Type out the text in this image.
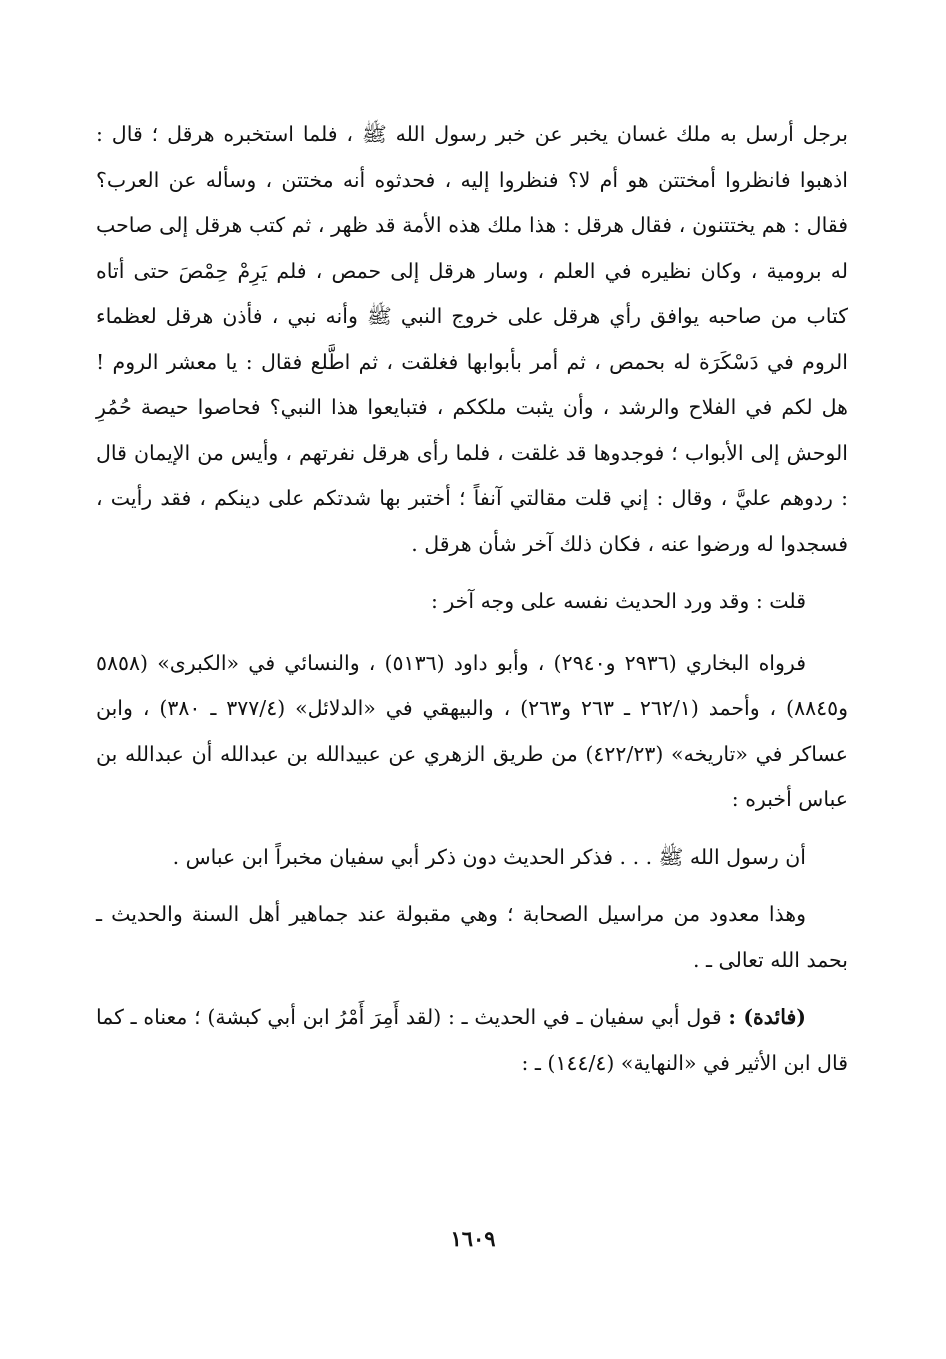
برجل أرسل به ملك غسان يخبر عن خبر رسول الله ﷺ ، فلما استخبره هرقل ؛ قال : اذهبوا فانظروا أمختتن هو أم لا؟ فنظروا إليه ، فحدثوه أنه مختتن ، وسأله عن العرب؟ فقال : هم يختتنون ، فقال هرقل : هذا ملك هذه الأمة قد ظهر ، ثم كتب هرقل إلى صاحب له برومية ، وكان نظيره في العلم ، وسار هرقل إلى حمص ، فلم يَرِمْ حِمْصَ حتى أتاه كتاب من صاحبه يوافق رأي هرقل على خروج النبي ﷺ وأنه نبي ، فأذن هرقل لعظماء الروم في دَسْكَرَة له بحمص ، ثم أمر بأبوابها فغلقت ، ثم اطَّلع فقال : يا معشر الروم ! هل لكم في الفلاح والرشد ، وأن يثبت ملككم ، فتبايعوا هذا النبي؟ فحاصوا حيصة حُمُرِ الوحش إلى الأبواب ؛ فوجدوها قد غلقت ، فلما رأى هرقل نفرتهم ، وأيس من الإيمان قال : ردوهم عليَّ ، وقال : إني قلت مقالتي آنفاً ؛ أختبر بها شدتكم على دينكم ، فقد رأيت ، فسجدوا له ورضوا عنه ، فكان ذلك آخر شأن هرقل .

قلت : وقد ورد الحديث نفسه على وجه آخر :

فرواه البخاري (٢٩٣٦ و٢٩٤٠) ، وأبو داود (٥١٣٦) ، والنسائي في «الكبرى» (٥٨٥٨ و٨٨٤٥) ، وأحمد (٢٦٢/١ ـ ٢٦٣ و٢٦٣) ، والبيهقي في «الدلائل» (٣٧٧/٤ ـ ٣٨٠) ، وابن عساكر في «تاريخه» (٤٢٢/٢٣) من طريق الزهري عن عبيدالله بن عبدالله أن عبدالله بن عباس أخبره :

أن رسول الله ﷺ . . . فذكر الحديث دون ذكر أبي سفيان مخبراً ابن عباس .

وهذا معدود من مراسيل الصحابة ؛ وهي مقبولة عند جماهير أهل السنة والحديث ـ بحمد الله تعالى ـ .

(فائدة) : قول أبي سفيان ـ في الحديث ـ : (لقد أَمِرَ أَمْرُ ابن أبي كبشة) ؛ معناه ـ كما قال ابن الأثير في «النهاية» (١٤٤/٤) ـ :

١٦٠٩
